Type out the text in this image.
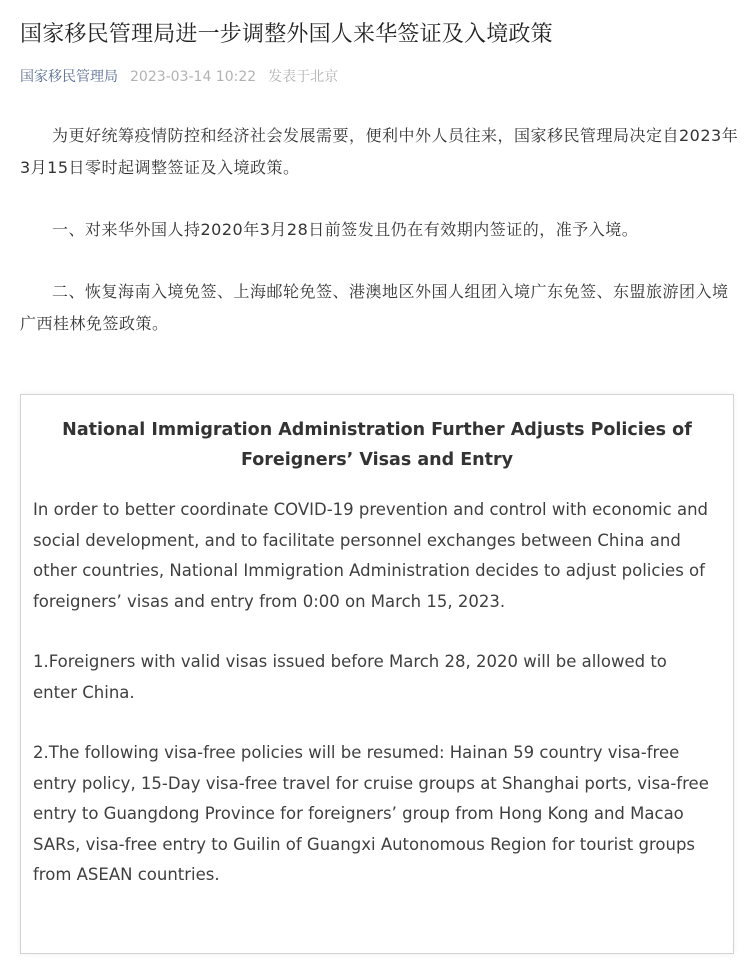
国家移民管理局进一步调整外国人来华签证及入境政策
国家移民管理局 2023-03-14 10:22 发表于北京

为更好统筹疫情防控和经济社会发展需要，便利中外人员往来，国家移民管理局决定自2023年3月15日零时起调整签证及入境政策。

一、对来华外国人持2020年3月28日前签发且仍在有效期内签证的，准予入境。

二、恢复海南入境免签、上海邮轮免签、港澳地区外国人组团入境广东免签、东盟旅游团入境广西桂林免签政策。

National Immigration Administration Further Adjusts Policies of Foreigners’ Visas and Entry

In order to better coordinate COVID-19 prevention and control with economic and social development, and to facilitate personnel exchanges between China and other countries, National Immigration Administration decides to adjust policies of foreigners’ visas and entry from 0:00 on March 15, 2023.

1.Foreigners with valid visas issued before March 28, 2020 will be allowed to enter China.

2.The following visa-free policies will be resumed: Hainan 59 country visa-free entry policy, 15-Day visa-free travel for cruise groups at Shanghai ports, visa-free entry to Guangdong Province for foreigners’ group from Hong Kong and Macao SARs, visa-free entry to Guilin of Guangxi Autonomous Region for tourist groups from ASEAN countries.
